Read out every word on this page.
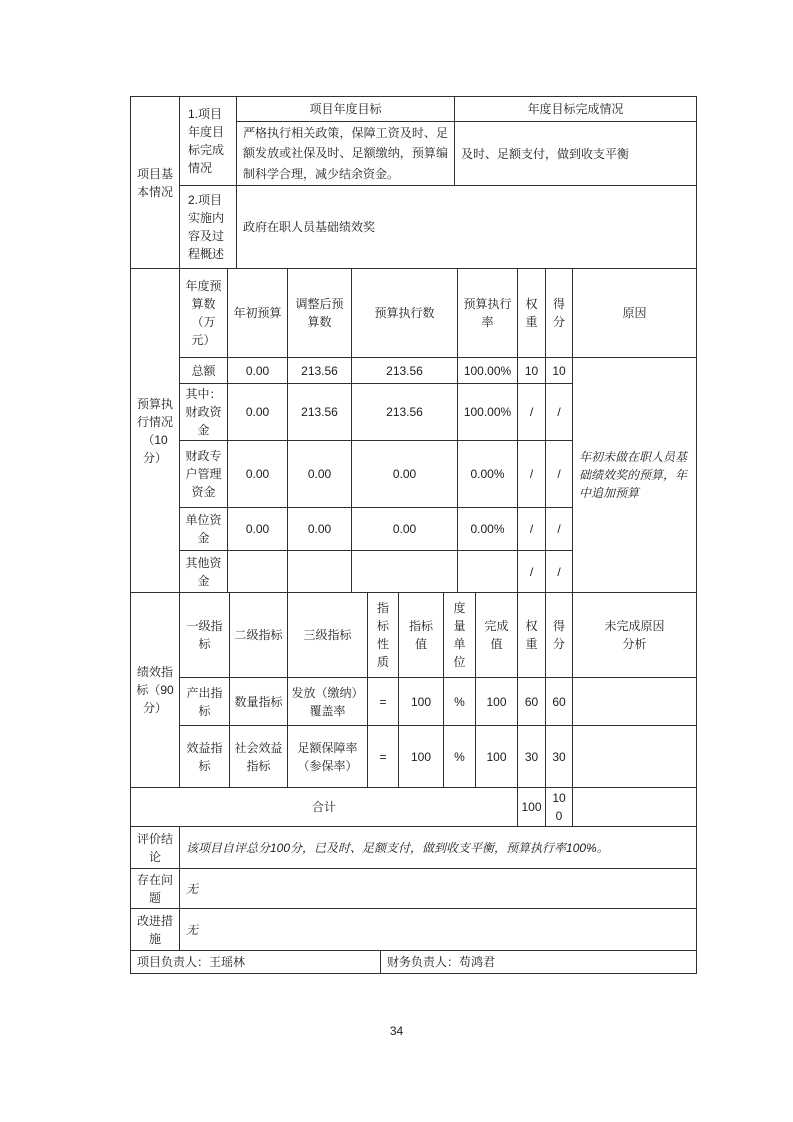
项目基本情况	1.项目年度目标完成情况	项目年度目标	年度目标完成情况
		严格执行相关政策，保障工资及时、足额发放或社保及时、足额缴纳，预算编制科学合理，减少结余资金。	及时、足额支付，做到收支平衡
	2.项目实施内容及过程概述	政府在职人员基础绩效奖	
预算执行情况（10分）	年度预算数（万元）	年初预算	调整后预算数	预算执行数	预算执行率	权重	得分	原因
	总额	0.00	213.56	213.56	100.00%	10	10	年初未做在职人员基础绩效奖的预算，年中追加预算
	其中：财政资金	0.00	213.56	213.56	100.00%	/	/	
	财政专户管理资金	0.00	0.00	0.00	0.00%	/	/	
	单位资金	0.00	0.00	0.00	0.00%	/	/	
	其他资金					/	/	
绩效指标（90分）	一级指标	二级指标	三级指标	指标性质	指标值	度量单位	完成值	权重	得分	未完成原因分析
	产出指标	数量指标	发放（缴纳）覆盖率	=	100	%	100	60	60	
	效益指标	社会效益指标	足额保障率（参保率）	=	100	%	100	30	30	
合计								100	100	
评价结论	该项目自评总分100分，已及时、足额支付，做到收支平衡，预算执行率100%。
存在问题	无
改进措施	无
项目负责人：王瑶林	财务负责人：苟鸿君
34
